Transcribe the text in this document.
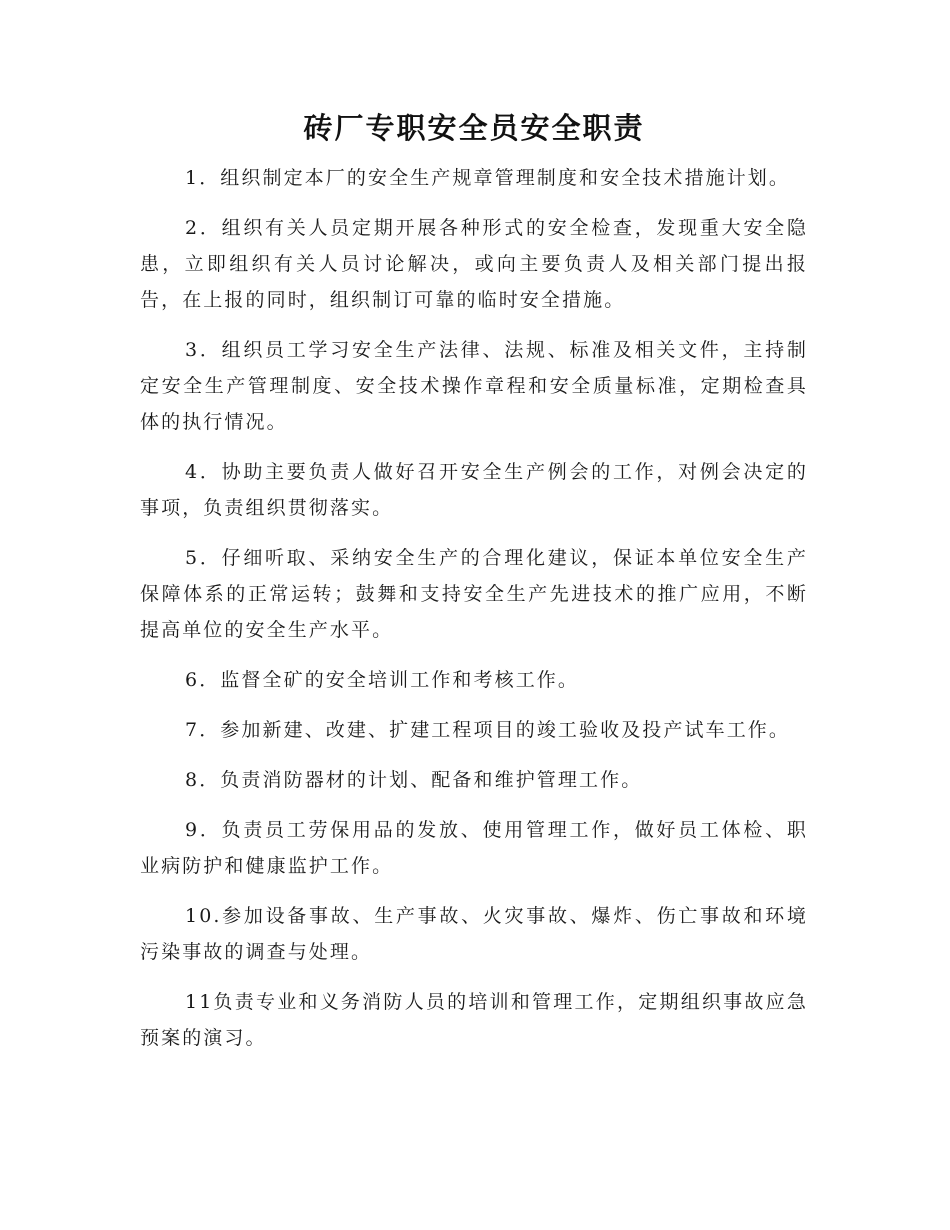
砖厂专职安全员安全职责

1．组织制定本厂的安全生产规章管理制度和安全技术措施计划。

2．组织有关人员定期开展各种形式的安全检查，发现重大安全隐患，立即组织有关人员讨论解决，或向主要负责人及相关部门提出报告，在上报的同时，组织制订可靠的临时安全措施。

3．组织员工学习安全生产法律、法规、标准及相关文件，主持制定安全生产管理制度、安全技术操作章程和安全质量标准，定期检查具体的执行情况。

4．协助主要负责人做好召开安全生产例会的工作，对例会决定的事项，负责组织贯彻落实。

5．仔细听取、采纳安全生产的合理化建议，保证本单位安全生产保障体系的正常运转；鼓舞和支持安全生产先进技术的推广应用，不断提高单位的安全生产水平。

6．监督全矿的安全培训工作和考核工作。

7．参加新建、改建、扩建工程项目的竣工验收及投产试车工作。

8．负责消防器材的计划、配备和维护管理工作。

9．负责员工劳保用品的发放、使用管理工作，做好员工体检、职业病防护和健康监护工作。

10.参加设备事故、生产事故、火灾事故、爆炸、伤亡事故和环境污染事故的调查与处理。

11负责专业和义务消防人员的培训和管理工作，定期组织事故应急预案的演习。
